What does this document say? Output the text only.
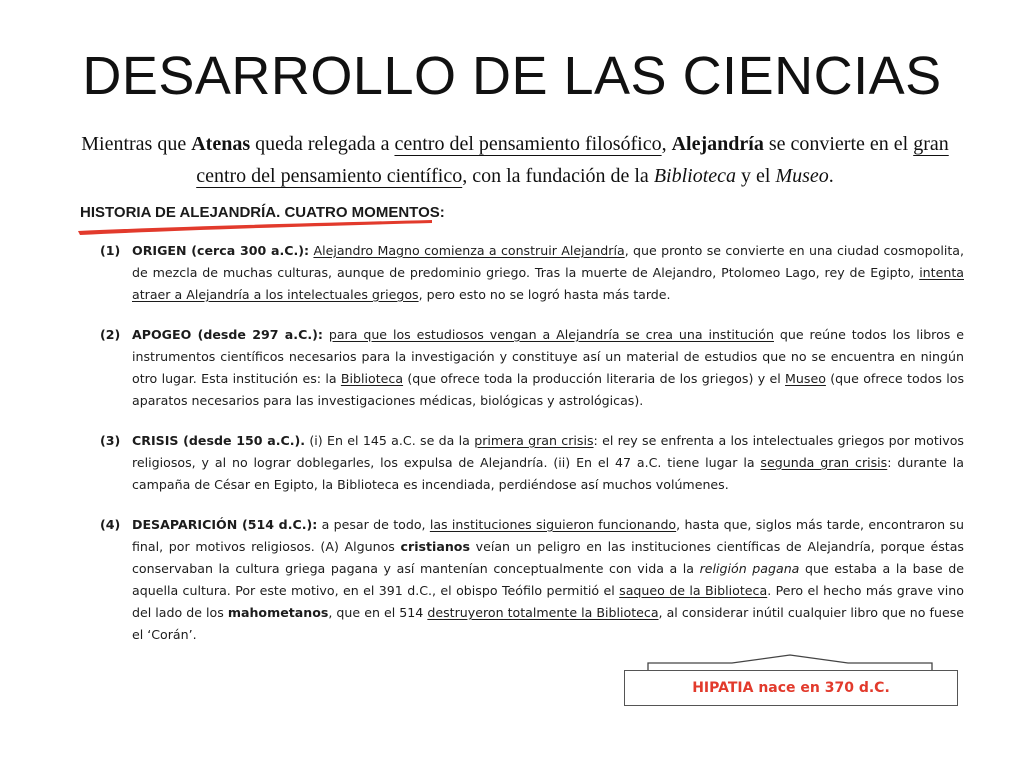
DESARROLLO DE LAS CIENCIAS
Mientras que Atenas queda relegada a centro del pensamiento filosófico, Alejandría se convierte en el gran centro del pensamiento científico, con la fundación de la Biblioteca y el Museo.
HISTORIA DE ALEJANDRÍA. CUATRO MOMENTOS:
(1) ORIGEN (cerca 300 a.C.): Alejandro Magno comienza a construir Alejandría, que pronto se convierte en una ciudad cosmopolita, de mezcla de muchas culturas, aunque de predominio griego. Tras la muerte de Alejandro, Ptolomeo Lago, rey de Egipto, intenta atraer a Alejandría a los intelectuales griegos, pero esto no se logró hasta más tarde.
(2) APOGEO (desde 297 a.C.): para que los estudiosos vengan a Alejandría se crea una institución que reúne todos los libros e instrumentos científicos necesarios para la investigación y constituye así un material de estudios que no se encuentra en ningún otro lugar. Esta institución es: la Biblioteca (que ofrece toda la producción literaria de los griegos) y el Museo (que ofrece todos los aparatos necesarios para las investigaciones médicas, biológicas y astrológicas).
(3) CRISIS (desde 150 a.C.). (i) En el 145 a.C. se da la primera gran crisis: el rey se enfrenta a los intelectuales griegos por motivos religiosos, y al no lograr doblegarles, los expulsa de Alejandría. (ii) En el 47 a.C. tiene lugar la segunda gran crisis: durante la campaña de César en Egipto, la Biblioteca es incendiada, perdiéndose así muchos volúmenes.
(4) DESAPARICIÓN (514 d.C.): a pesar de todo, las instituciones siguieron funcionando, hasta que, siglos más tarde, encontraron su final, por motivos religiosos. (A) Algunos cristianos veían un peligro en las instituciones científicas de Alejandría, porque éstas conservaban la cultura griega pagana y así mantenían conceptualmente con vida a la religión pagana que estaba a la base de aquella cultura. Por este motivo, en el 391 d.C., el obispo Teófilo permitió el saqueo de la Biblioteca. Pero el hecho más grave vino del lado de los mahometanos, que en el 514 destruyeron totalmente la Biblioteca, al considerar inútil cualquier libro que no fuese el ‘Corán’.
HIPATIA nace en 370 d.C.
